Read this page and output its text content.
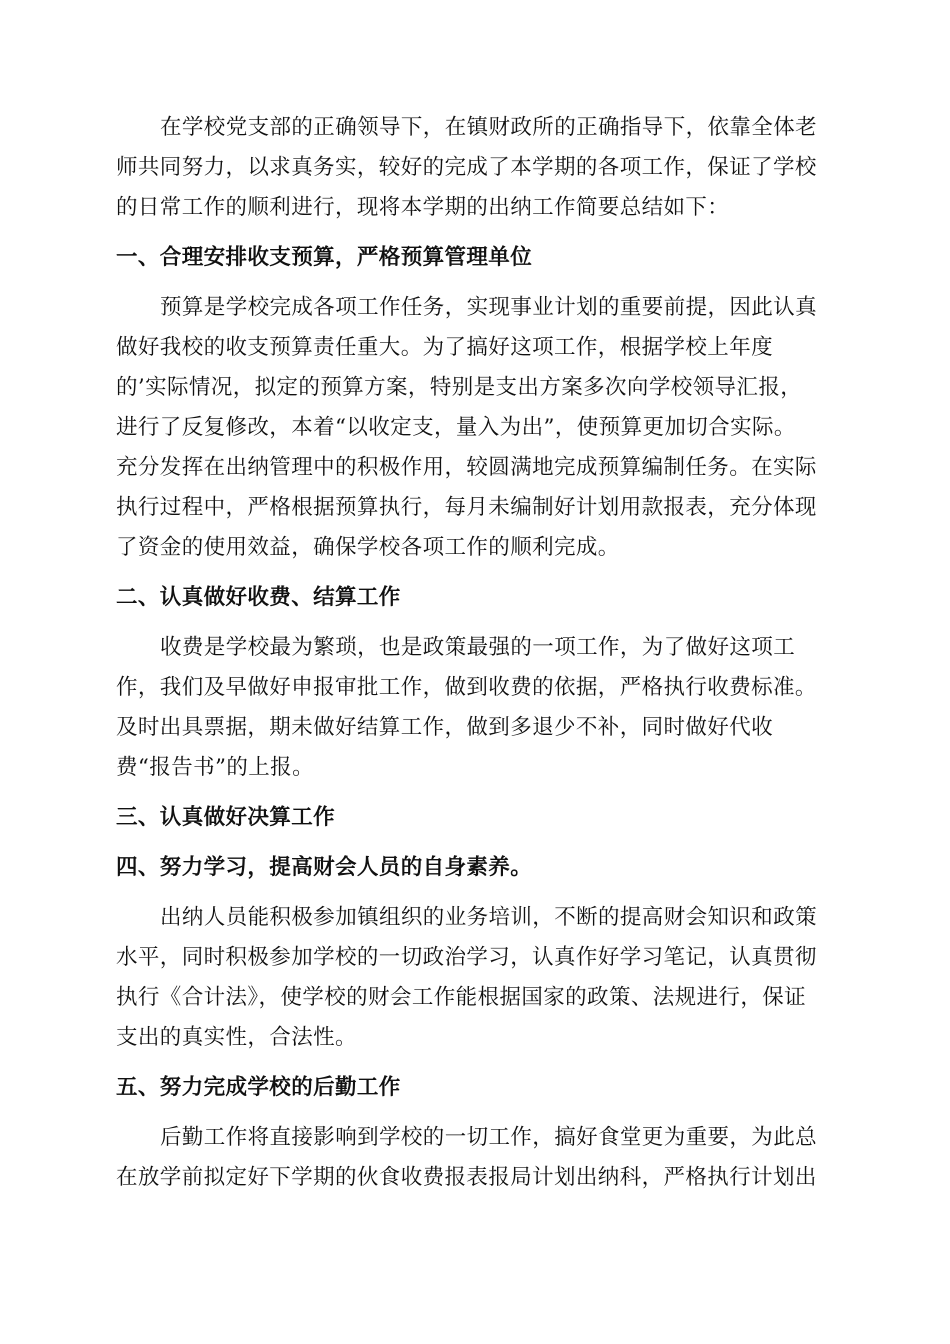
在学校党支部的正确领导下，在镇财政所的正确指导下，依靠全体老
师共同努力，以求真务实，较好的完成了本学期的各项工作，保证了学校
的日常工作的顺利进行，现将本学期的出纳工作简要总结如下：

一、合理安排收支预算，严格预算管理单位

预算是学校完成各项工作任务，实现事业计划的重要前提，因此认真
做好我校的收支预算责任重大。为了搞好这项工作，根据学校上年度
的’实际情况，拟定的预算方案，特别是支出方案多次向学校领导汇报，
进行了反复修改，本着“以收定支，量入为出”，使预算更加切合实际。
充分发挥在出纳管理中的积极作用，较圆满地完成预算编制任务。在实际
执行过程中，严格根据预算执行，每月未编制好计划用款报表，充分体现
了资金的使用效益，确保学校各项工作的顺利完成。

二、认真做好收费、结算工作

收费是学校最为繁琐，也是政策最强的一项工作，为了做好这项工
作，我们及早做好申报审批工作，做到收费的依据，严格执行收费标准。
及时出具票据，期未做好结算工作，做到多退少不补，同时做好代收
费“报告书”的上报。

三、认真做好决算工作
四、努力学习，提高财会人员的自身素养。

出纳人员能积极参加镇组织的业务培训，不断的提高财会知识和政策
水平，同时积极参加学校的一切政治学习，认真作好学习笔记，认真贯彻
执行《合计法》，使学校的财会工作能根据国家的政策、法规进行，保证
支出的真实性，合法性。

五、努力完成学校的后勤工作

后勤工作将直接影响到学校的一切工作，搞好食堂更为重要，为此总
在放学前拟定好下学期的伙食收费报表报局计划出纳科，严格执行计划出
